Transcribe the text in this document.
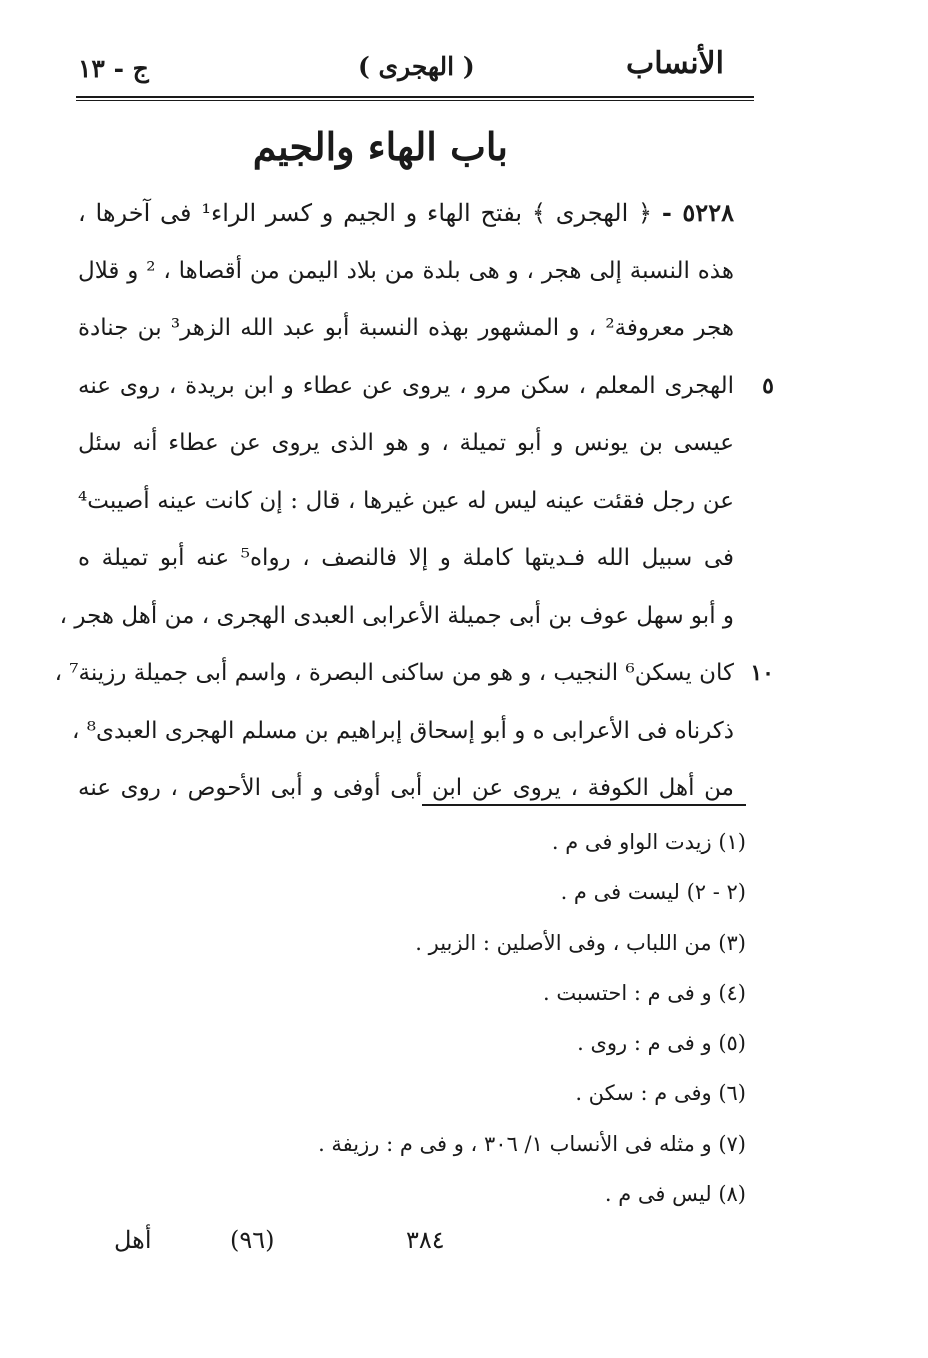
الأنساب
( الهجرى )
ج - ١٣
باب الهاء والجيم
٥٢٢٨ - ﴿ الهجرى ﴾ بفتح الهاء و الجيم و كسر الراء¹ فى آخرها ،
هذه النسبة إلى هجر ، و هى بلدة من بلاد اليمن من أقصاها ، ² و قلال
هجر معروفة² ، و المشهور بهذه النسبة أبو عبد الله الزهر³ بن جنادة
٥
الهجرى المعلم ، سكن مرو ، يروى عن عطاء و ابن بريدة ، روى عنه
عيسى بن يونس و أبو تميلة ، و هو الذى يروى عن عطاء أنه سئل
عن رجل فقئت عينه ليس له عين غيرها ، قال : إن كانت عينه أصيبت⁴
فى سبيل الله فـديتها كاملة و إلا فالنصف ، رواه⁵ عنه أبو تميلة ه
و أبو سهل عوف بن أبى جميلة الأعرابى العبدى الهجرى ، من أهل هجر ،
١٠
كان يسكن⁶ النجيب ، و هو من ساكنى البصرة ، واسم أبى جميلة رزينة⁷ ،
ذكرناه فى الأعرابى ه و أبو إسحاق إبراهيم بن مسلم الهجرى العبدى⁸ ،
من أهل الكوفة ، يروى عن ابن أبى أوفى و أبى الأحوص ، روى عنه
(١) زيدت الواو فى م .
(٢ - ٢) ليست فى م .
(٣) من اللباب ، وفى الأصلين : الزبير .
(٤) و فى م : احتسبت .
(٥) و فى م : روى .
(٦) وفى م : سكن .
(٧) و مثله فى الأنساب ١/ ٣٠٦ ، و فى م : رزيفة .
(٨) ليس فى م .
٣٨٤
(٩٦)
أهل
